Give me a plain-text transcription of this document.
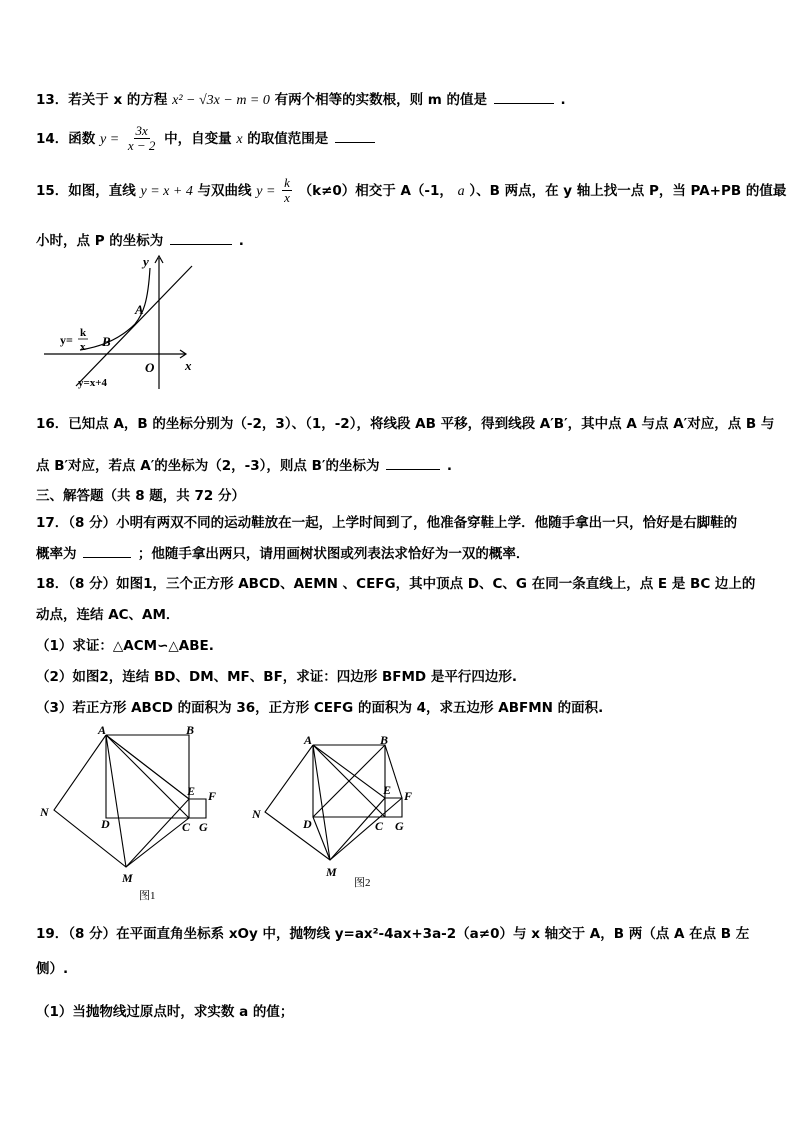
13．若关于 x 的方程 x² − √3x − m = 0 有两个相等的实数根，则 m 的值是	.
14．函数 $y = \frac{3x}{x - 2}$ 中，自变量 x 的取值范围是
15．如图，直线 y = x + 4 与双曲线 $y = \frac{k}{x} (k\ne 0)$相交于 A（-1， a ）、B 两点，在 y 轴上找一点 P，当 PA+PB 的值最
小时，点 P 的坐标为	.
y
x
O
A
B
y= k
x
y=x+4
16．已知点 A，B 的坐标分别为（-2，3）、（1，-2），将线段 AB 平移，得到线段 A′B′，其中点 A 与点 A′对应，点 B 与
点 B′对应，若点 A′的坐标为（2，-3），则点 B′的坐标为	.
三、解答题（共 8 题，共 72 分）
17．（8 分）小明有两双不同的运动鞋放在一起，上学时间到了，他准备穿鞋上学．他随手拿出一只，恰好是右脚鞋的
概率为	；他随手拿出两只，请用画树状图或列表法求恰好为一双的概率．
18．（8 分）如图1，三个正方形 ABCD、AEMN 、CEFG，其中顶点 D、C、G 在同一条直线上，点 E 是 BC 边上的
动点，连结 AC、AM．
（1）求证：△ACM∽△ABE.
（2）如图2，连结 BD、DM、MF、BF，求证：四边形 BFMD 是平行四边形.
（3）若正方形 ABCD 的面积为 36，正方形 CEFG 的面积为 4，求五边形 ABFMN 的面积.
A	B
C
D
E F
G
M
N
图1
A	B
C
D
E F
G
M
N
图2
19．（8 分）在平面直角坐标系 xOy 中，抛物线 y=ax²-4ax+3a-2（a≠0）与 x 轴交于 A，B 两（点 A 在点 B 左
侧）.
（1）当抛物线过原点时，求实数 a 的值；
